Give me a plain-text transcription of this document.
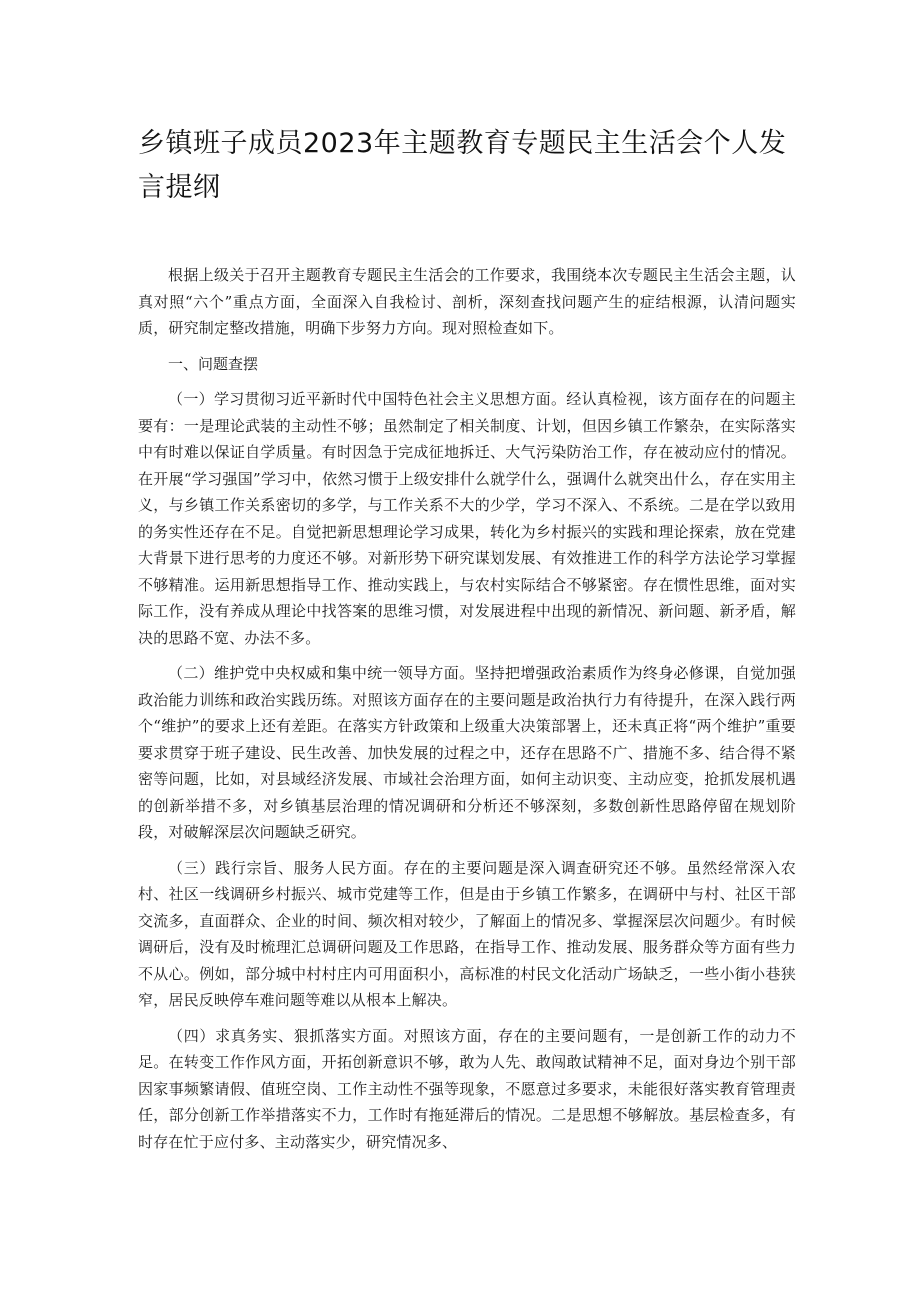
乡镇班子成员2023年主题教育专题民主生活会个人发言提纲

根据上级关于召开主题教育专题民主生活会的工作要求，我围绕本次专题民主生活会主题，认真对照“六个”重点方面，全面深入自我检讨、剖析，深刻查找问题产生的症结根源，认清问题实质，研究制定整改措施，明确下步努力方向。现对照检查如下。

一、问题查摆

（一）学习贯彻习近平新时代中国特色社会主义思想方面。经认真检视，该方面存在的问题主要有：一是理论武装的主动性不够；虽然制定了相关制度、计划，但因乡镇工作繁杂，在实际落实中有时难以保证自学质量。有时因急于完成征地拆迁、大气污染防治工作，存在被动应付的情况。在开展“学习强国”学习中，依然习惯于上级安排什么就学什么，强调什么就突出什么，存在实用主义，与乡镇工作关系密切的多学，与工作关系不大的少学，学习不深入、不系统。二是在学以致用的务实性还存在不足。自觉把新思想理论学习成果，转化为乡村振兴的实践和理论探索，放在党建大背景下进行思考的力度还不够。对新形势下研究谋划发展、有效推进工作的科学方法论学习掌握不够精准。运用新思想指导工作、推动实践上，与农村实际结合不够紧密。存在惯性思维，面对实际工作，没有养成从理论中找答案的思维习惯，对发展进程中出现的新情况、新问题、新矛盾，解决的思路不宽、办法不多。

（二）维护党中央权威和集中统一领导方面。坚持把增强政治素质作为终身必修课，自觉加强政治能力训练和政治实践历练。对照该方面存在的主要问题是政治执行力有待提升，在深入践行两个“维护”的要求上还有差距。在落实方针政策和上级重大决策部署上，还未真正将“两个维护”重要要求贯穿于班子建设、民生改善、加快发展的过程之中，还存在思路不广、措施不多、结合得不紧密等问题，比如，对县域经济发展、市域社会治理方面，如何主动识变、主动应变，抢抓发展机遇的创新举措不多，对乡镇基层治理的情况调研和分析还不够深刻，多数创新性思路停留在规划阶段，对破解深层次问题缺乏研究。

（三）践行宗旨、服务人民方面。存在的主要问题是深入调查研究还不够。虽然经常深入农村、社区一线调研乡村振兴、城市党建等工作，但是由于乡镇工作繁多，在调研中与村、社区干部交流多，直面群众、企业的时间、频次相对较少，了解面上的情况多、掌握深层次问题少。有时候调研后，没有及时梳理汇总调研问题及工作思路，在指导工作、推动发展、服务群众等方面有些力不从心。例如，部分城中村村庄内可用面积小，高标准的村民文化活动广场缺乏，一些小街小巷狭窄，居民反映停车难问题等难以从根本上解决。

（四）求真务实、狠抓落实方面。对照该方面，存在的主要问题有，一是创新工作的动力不足。在转变工作作风方面，开拓创新意识不够，敢为人先、敢闯敢试精神不足，面对身边个别干部因家事频繁请假、值班空岗、工作主动性不强等现象，不愿意过多要求，未能很好落实教育管理责任，部分创新工作举措落实不力，工作时有拖延滞后的情况。二是思想不够解放。基层检查多，有时存在忙于应付多、主动落实少，研究情况多、
